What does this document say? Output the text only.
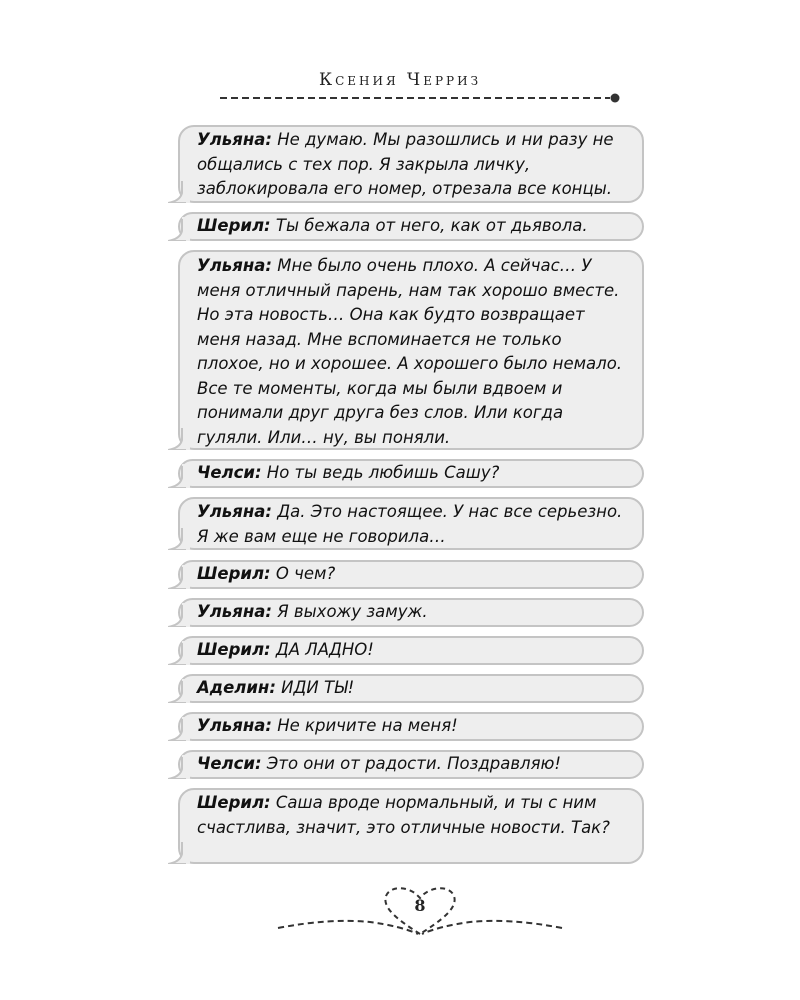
Ксения Черриз
Ульяна: Не думаю. Мы разошлись и ни разу не общались с тех пор. Я закрыла личку, заблокировала его номер, отрезала все концы.
Шерил: Ты бежала от него, как от дьявола.
Ульяна: Мне было очень плохо. А сейчас… У меня отличный парень, нам так хорошо вместе. Но эта новость… Она как будто возвращает меня назад. Мне вспоминается не только плохое, но и хорошее. А хорошего было немало. Все те моменты, когда мы были вдвоем и понимали друг друга без слов. Или когда гуляли. Или… ну, вы поняли.
Челси: Но ты ведь любишь Сашу?
Ульяна: Да. Это настоящее. У нас все серьезно. Я же вам еще не говорила…
Шерил: О чем?
Ульяна: Я выхожу замуж.
Шерил: ДА ЛАДНО!
Аделин: ИДИ ТЫ!
Ульяна: Не кричите на меня!
Челси: Это они от радости. Поздравляю!
Шерил: Саша вроде нормальный, и ты с ним счастлива, значит, это отличные новости. Так?
8
